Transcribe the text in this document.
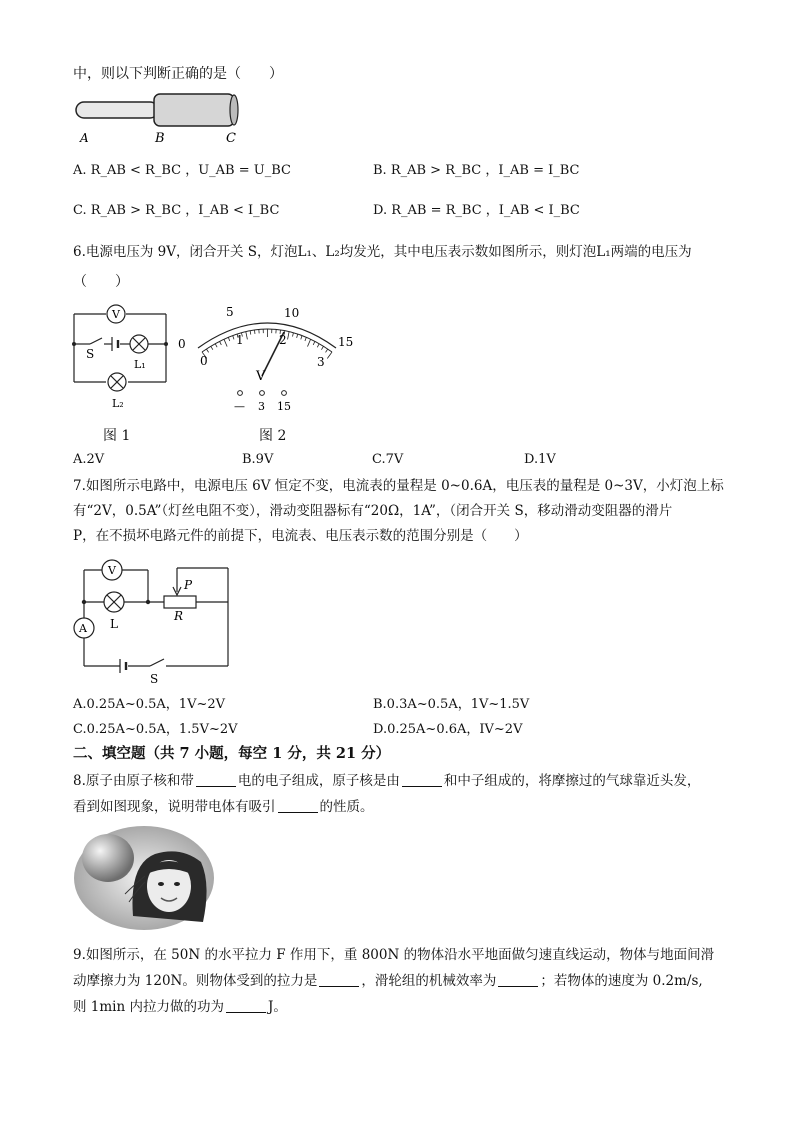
中，则以下判断正确的是（　　）
A	B	C
A. R_AB < R_BC ，U_AB = U_BC	B. R_AB > R_BC ，I_AB = I_BC
C. R_AB > R_BC ，I_AB < I_BC	D. R_AB = R_BC ，I_AB < I_BC
6.电源电压为 9V，闭合开关 S，灯泡L₁、L₂均发光，其中电压表示数如图所示，则灯泡L₁两端的电压为
（　　）
V
S
L₁
L₂
0
5	10
15
0
1	2
3
V
— 3 15
图 1	图 2
A.2V	B.9V	C.7V	D.1V
7.如图所示电路中，电源电压 6V 恒定不变，电流表的量程是 0~0.6A，电压表的量程是 0~3V，小灯泡上标
有“2V，0.5A”（灯丝电阻不变），滑动变阻器标有“20Ω，1A”，（闭合开关 S，移动滑动变阻器的滑片
P，在不损坏电路元件的前提下，电流表、电压表示数的范围分别是（　　）
V
A L
P
R
S
A.0.25A~0.5A，1V~2V	B.0.3A~0.5A，1V~1.5V
C.0.25A~0.5A，1.5V~2V	D.0.25A~0.6A，IV~2V
二、填空题（共 7 小题，每空 1 分，共 21 分）
8.原子由原子核和带	电的电子组成，原子核是由	和中子组成的，将摩擦过的气球靠近头发，
看到如图现象，说明带电体有吸引	的性质。
9.如图所示，在 50N 的水平拉力 F 作用下，重 800N 的物体沿水平地面做匀速直线运动，物体与地面间滑
动摩擦力为 120N。则物体受到的拉力是	，滑轮组的机械效率为	；若物体的速度为 0.2m/s,
则 1min 内拉力做的功为	J。
